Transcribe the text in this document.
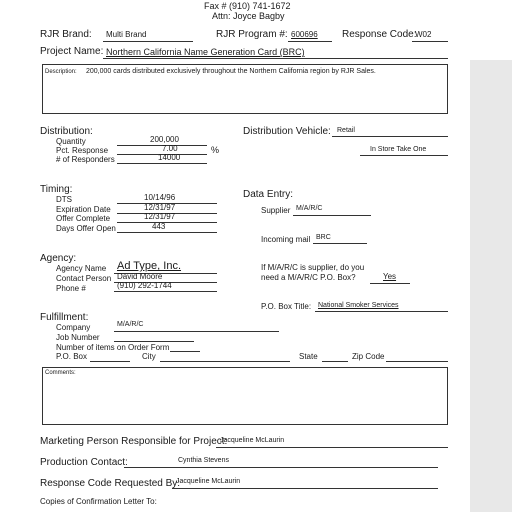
Fax # (910) 741-1672
Attn: Joyce Bagby
RJR Brand: Multi Brand	RJR Program #: 600696 Response Code:
W02
Project Name: Northern California Name Generation Card (BRC)
Description: 200,000 cards distributed exclusively throughout the Northern California region by RJR Sales.
Distribution:
Quantity	200,000
Pct. Response	7.00	%
# of Responders	14000
Distribution Vehicle: Retail
In Store Take One
Timing:
DTS	10/14/96
Expiration Date	12/31/97
Offer Complete	12/31/97
Days Offer Open	443
Data Entry:
Supplier M/A/R/C
Incoming mail BRC
If M/A/R/C is supplier, do you
need a M/A/R/C P.O. Box?	Yes
P.O. Box Title: National Smoker Services
Agency:
Agency Name Ad Type, Inc.
Contact Person David Moore
Phone #	(910) 292-1744
Fulfillment:
Company	M/A/R/C
Job Number
Number of items on Order Form
P.O. Box	City	State	Zip Code
Comments:
Marketing Person Responsible for Project:
Jacqueline McLaurin
Production Contact:	Cynthia Stevens
Response Code Requested By:
Jacqueline McLaurin
Copies of Confirmation Letter To:
